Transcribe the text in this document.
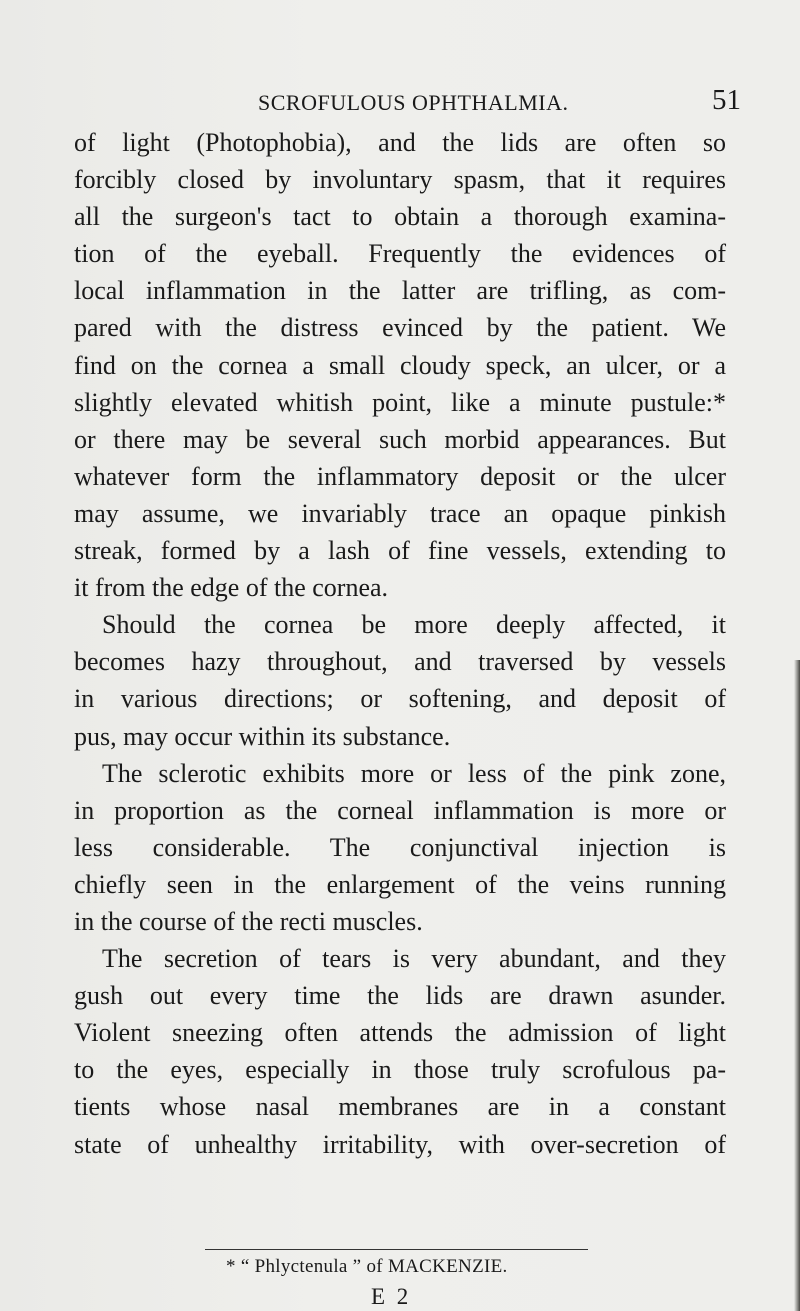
SCROFULOUS OPHTHALMIA.	51
of light (Photophobia), and the lids are often so
forcibly closed by involuntary spasm, that it requires
all the surgeon's tact to obtain a thorough examina-
tion of the eyeball. Frequently the evidences of
local inflammation in the latter are trifling, as com-
pared with the distress evinced by the patient. We
find on the cornea a small cloudy speck, an ulcer, or a
slightly elevated whitish point, like a minute pustule:*
or there may be several such morbid appearances. But
whatever form the inflammatory deposit or the ulcer
may assume, we invariably trace an opaque pinkish
streak, formed by a lash of fine vessels, extending to
it from the edge of the cornea.
Should the cornea be more deeply affected, it
becomes hazy throughout, and traversed by vessels
in various directions; or softening, and deposit of
pus, may occur within its substance.
The sclerotic exhibits more or less of the pink zone,
in proportion as the corneal inflammation is more or
less considerable. The conjunctival injection is
chiefly seen in the enlargement of the veins running
in the course of the recti muscles.
The secretion of tears is very abundant, and they
gush out every time the lids are drawn asunder.
Violent sneezing often attends the admission of light
to the eyes, especially in those truly scrofulous pa-
tients whose nasal membranes are in a constant
state of unhealthy irritability, with over-secretion of
* “ Phlyctenula ” of MACKENZIE.
E 2
